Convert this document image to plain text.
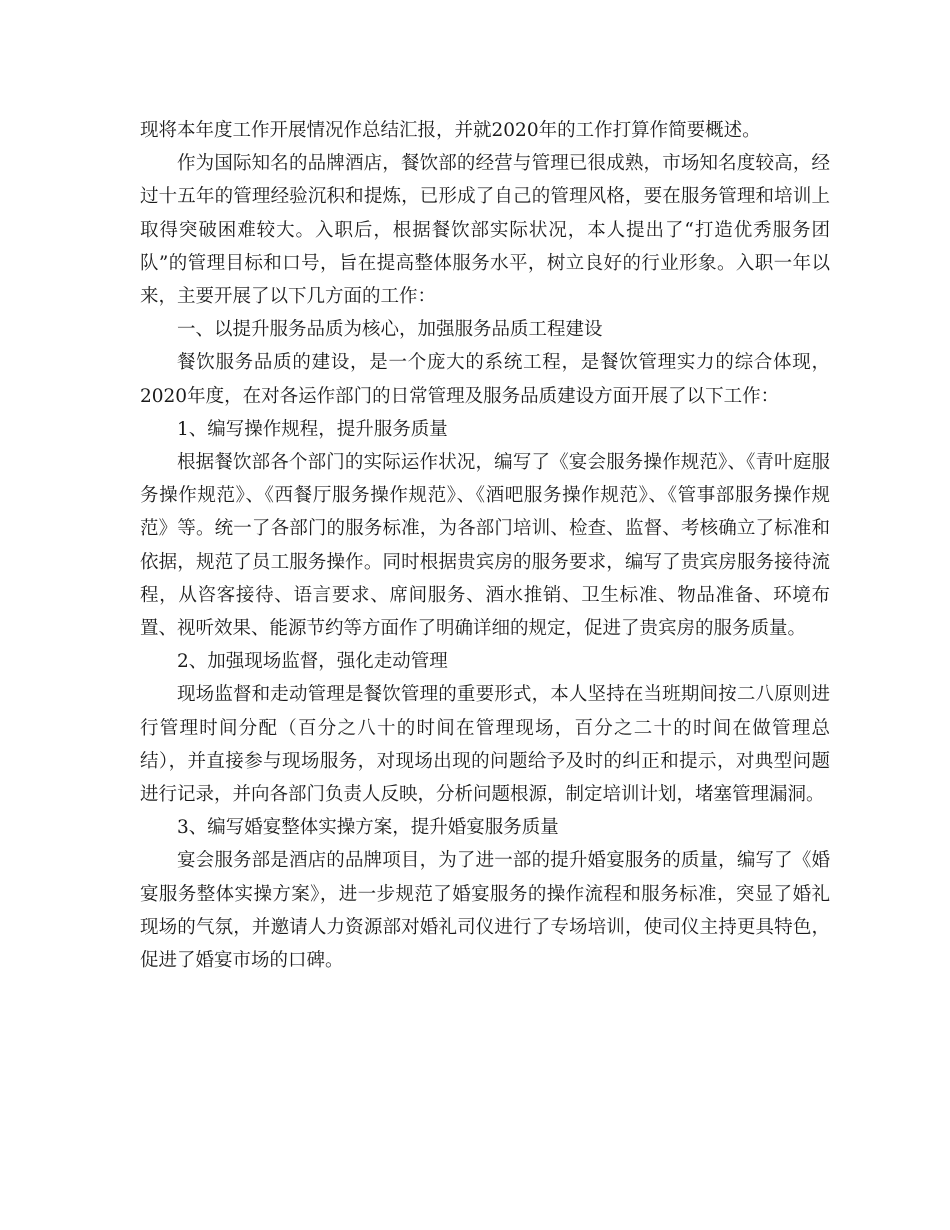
现将本年度工作开展情况作总结汇报，并就2020年的工作打算作简要概述。

作为国际知名的品牌酒店，餐饮部的经营与管理已很成熟，市场知名度较高，经过十五年的管理经验沉积和提炼，已形成了自己的管理风格，要在服务管理和培训上取得突破困难较大。入职后，根据餐饮部实际状况，本人提出了“打造优秀服务团队”的管理目标和口号，旨在提高整体服务水平，树立良好的行业形象。入职一年以来，主要开展了以下几方面的工作：

一、以提升服务品质为核心，加强服务品质工程建设

餐饮服务品质的建设，是一个庞大的系统工程，是餐饮管理实力的综合体现，2020年度，在对各运作部门的日常管理及服务品质建设方面开展了以下工作：

1、编写操作规程，提升服务质量

根据餐饮部各个部门的实际运作状况，编写了《宴会服务操作规范》、《青叶庭服务操作规范》、《西餐厅服务操作规范》、《酒吧服务操作规范》、《管事部服务操作规范》等。统一了各部门的服务标准，为各部门培训、检查、监督、考核确立了标准和依据，规范了员工服务操作。同时根据贵宾房的服务要求，编写了贵宾房服务接待流程，从咨客接待、语言要求、席间服务、酒水推销、卫生标准、物品准备、环境布置、视听效果、能源节约等方面作了明确详细的规定，促进了贵宾房的服务质量。

2、加强现场监督，强化走动管理

现场监督和走动管理是餐饮管理的重要形式，本人坚持在当班期间按二八原则进行管理时间分配（百分之八十的时间在管理现场，百分之二十的时间在做管理总结），并直接参与现场服务，对现场出现的问题给予及时的纠正和提示，对典型问题进行记录，并向各部门负责人反映，分析问题根源，制定培训计划，堵塞管理漏洞。

3、编写婚宴整体实操方案，提升婚宴服务质量

宴会服务部是酒店的品牌项目，为了进一部的提升婚宴服务的质量，编写了《婚宴服务整体实操方案》，进一步规范了婚宴服务的操作流程和服务标准，突显了婚礼现场的气氛，并邀请人力资源部对婚礼司仪进行了专场培训，使司仪主持更具特色，促进了婚宴市场的口碑。
